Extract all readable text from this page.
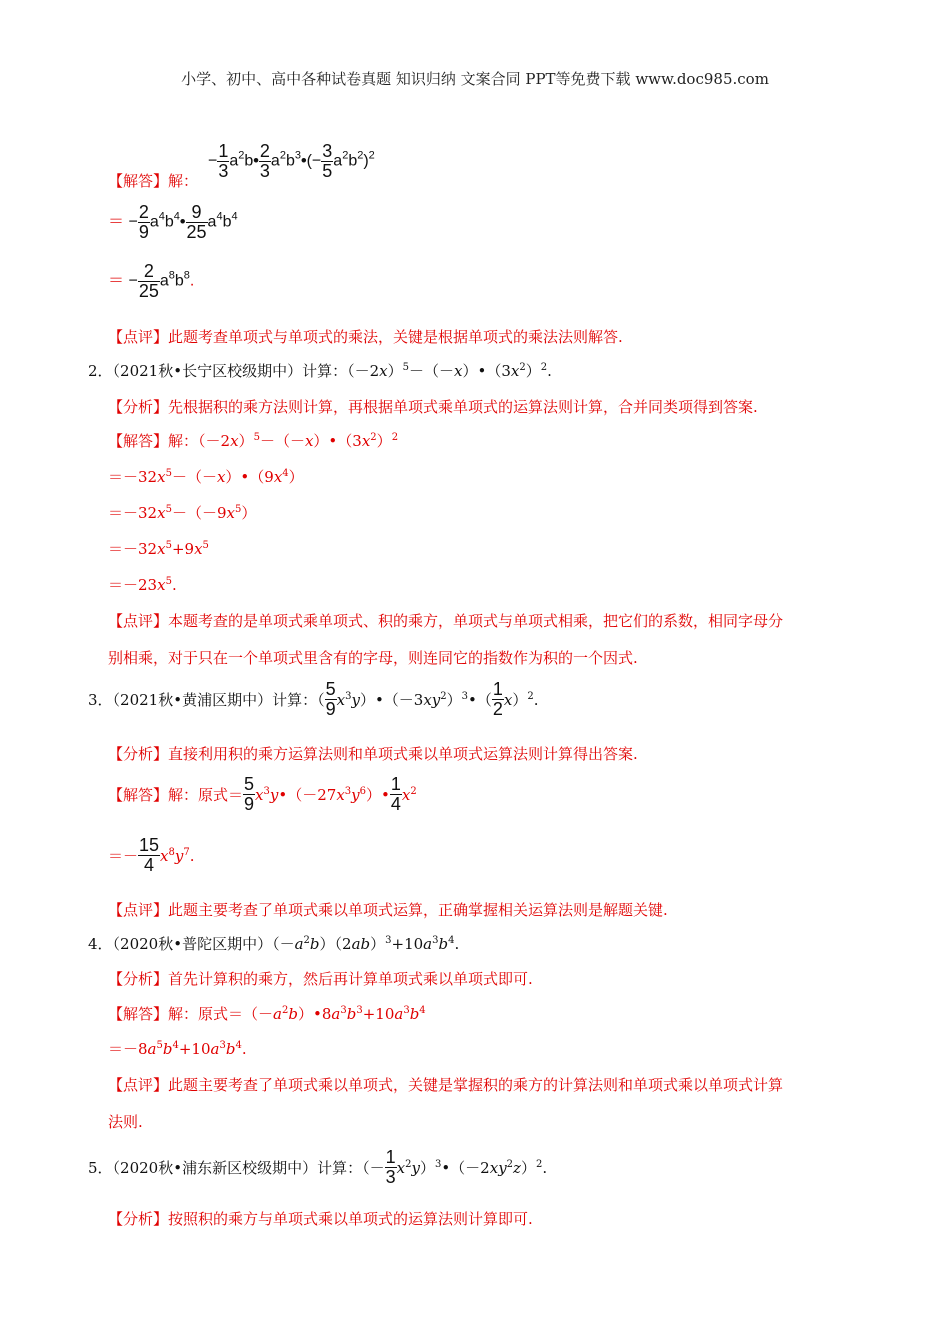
小学、初中、高中各种试卷真题 知识归纳 文案合同 PPT等免费下载 www.doc985.com
【解答】解：
− $\frac{1}{3}$ $a^2b• \frac{2}{3}$ $a^2b^3•(- \frac{3}{5} a^2b^2)^2$
＝ − $\frac{2}{9}$ $a^4b^4• \frac{9}{25} a^4b^4$
＝ − $\frac{2}{25} a^8b^8$.
【点评】此题考查单项式与单项式的乘法，关键是根据单项式的乘法法则解答.
2．（2021秋•长宁区校级期中）计算：$(-2x)^5-(-x)•(3x^2)^2$.
【分析】先根据积的乘方法则计算，再根据单项式乘单项式的运算法则计算，合并同类项得到答案.
【解答】解：$(-2x)^5-(-x)•(3x^2)^2$
$=-32x^5-(-x)•(9x^4)$
$=-32x^5-(-9x^5)$
$=-32x^5+9x^5$
$=-23x^5$.
【点评】本题考查的是单项式乘单项式、积的乘方，单项式与单项式相乘，把它们的系数，相同字母分
别相乘，对于只在一个单项式里含有的字母，则连同它的指数作为积的一个因式.
3．（2021秋•黄浦区期中）计算：（ $\frac{5}{9}$ $x^3y)•(-3xy^2)^3•( \frac{1}{2} x)^2$.
【分析】直接利用积的乘方运算法则和单项式乘以单项式运算法则计算得出答案.
【解答】解：原式＝ $\frac{5}{9}$ $x^3y•(-27x^3y^6)• \frac{1}{4} x^2$
＝－ $\frac{15}{4} x^8y^7$.
【点评】此题主要考查了单项式乘以单项式运算，正确掌握相关运算法则是解题关键.
4．（2020秋•普陀区期中）$(-a^2b)(2ab)^3+10a^3b^4$.
【分析】首先计算积的乘方，然后再计算单项式乘以单项式即可.
【解答】解：原式$=(-a^2b)•8a^3b^3+10a^3b^4$
$=-8a^5b^4+10a^3b^4$.
【点评】此题主要考查了单项式乘以单项式，关键是掌握积的乘方的计算法则和单项式乘以单项式计算
法则.
5．（2020秋•浦东新区校级期中）计算：（－ $\frac{1}{3}$ $x^2y)^3•(-2xy^2z)^2$.
【分析】按照积的乘方与单项式乘以单项式的运算法则计算即可.
